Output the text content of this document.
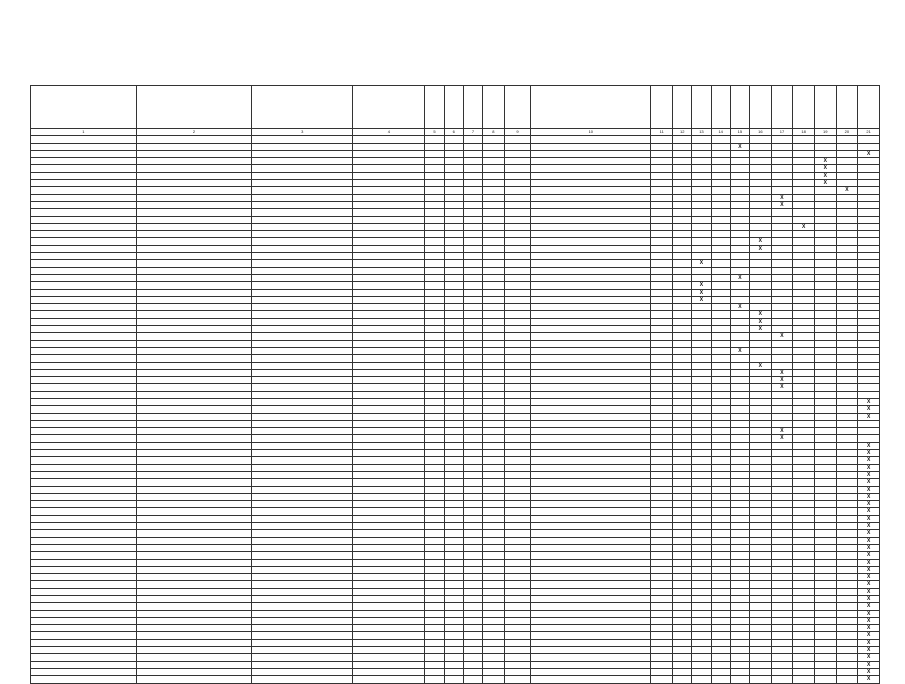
1	2	3	4	5	6	7	8	9	10	11	12	13	14	15	16	17	18	19	20	21

														X						
																				X
																		X		
																		X		
																		X		
																		X		
																			X	
																X				
																X				

																	X			

															X					
															X					

												X								

														X						
												X								
												X								
												X								
														X						
															X					
															X					
															X					
																X				

														X						

															X					
																X				
																X				
																X				

																				X
																				X
																				X

																X				
																X				
																				X
																				X
																				X
																				X
																				X
																				X
																				X
																				X
																				X
																				X
																				X
																				X
																				X
																				X
																				X
																				X
																				X
																				X
																				X
																				X
																				X
																				X
																				X
																				X
																				X
																				X
																				X
																				X
																				X
																				X
																				X
																				X
																				X
